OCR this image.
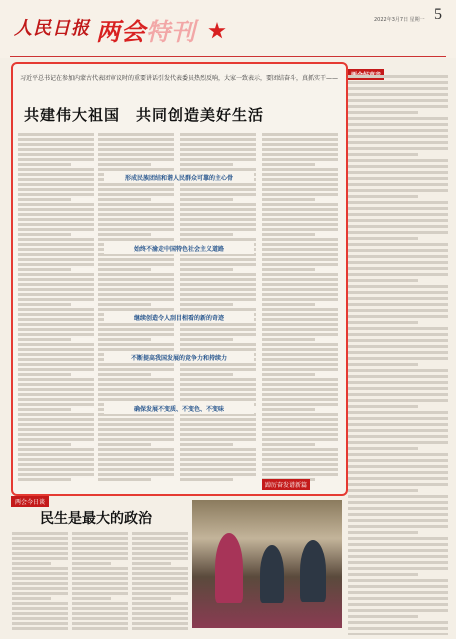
人民日报 两会特刊	2022年3月7日 星期一 5
习近平总书记在参加内蒙古代表团审议时的重要讲话引发代表委员热烈反响，大家一致表示，要团结奋斗，真抓实干——
共建伟大祖国　共同创造美好生活
形成民族团结和谐人民群众可靠的主心骨
始终不渝走中国特色社会主义道路
继续创造令人刮目相看的新的奇迹
不断提高我国发展的竞争力和持续力
确保发展不变质、不变色、不变味
踔厉奋发谱新篇
两会今日谈
民生是最大的政治
